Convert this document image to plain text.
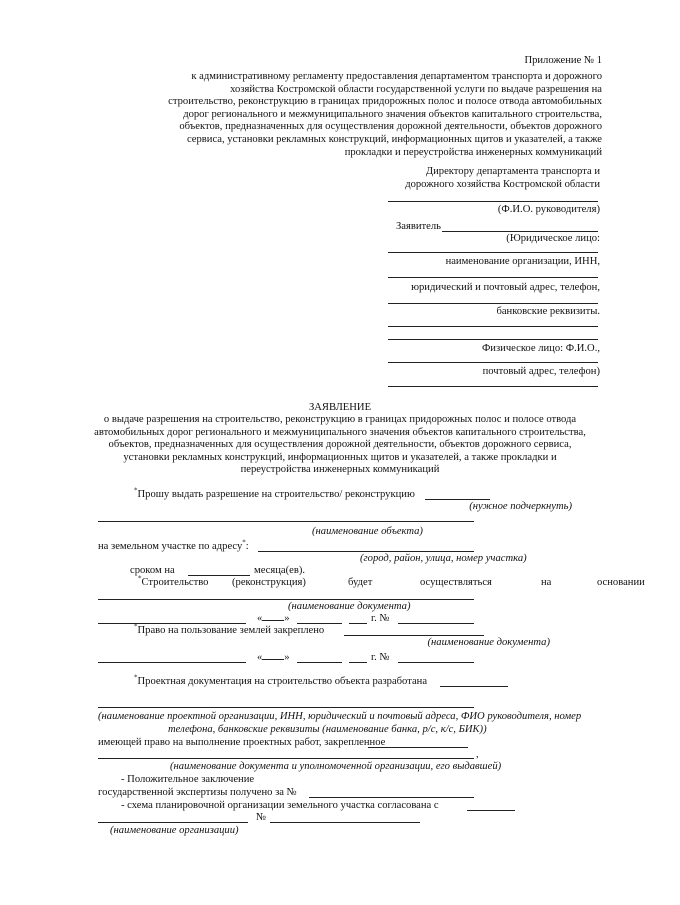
Приложение № 1
к административному регламенту предоставления департаментом транспорта и дорожного
хозяйства Костромской области государственной услуги по выдаче разрешения на
строительство, реконструкцию в границах придорожных полос и полосе отвода автомобильных
дорог регионального и межмуниципального значения объектов капитального строительства,
объектов, предназначенных для осуществления дорожной деятельности, объектов дорожного
сервиса, установки рекламных конструкций, информационных щитов и указателей, а также
прокладки и переустройства инженерных коммуникаций
Директору департамента транспорта и
дорожного хозяйства Костромской области
(Ф.И.О. руководителя)
Заявитель
(Юридическое лицо:
наименование организации, ИНН,
юридический и почтовый адрес, телефон,
банковские реквизиты.
Физическое лицо: Ф.И.О.,
почтовый адрес, телефон)
ЗАЯВЛЕНИЕ
о выдаче разрешения на строительство, реконструкцию в границах придорожных полос и полосе отвода
автомобильных дорог регионального и межмуниципального значения объектов капитального строительства,
объектов, предназначенных для осуществления дорожной деятельности, объектов дорожного сервиса,
установки рекламных конструкций, информационных щитов и указателей, а также прокладки и
переустройства инженерных коммуникаций
*Прошу выдать разрешение на строительство/ реконструкцию
(нужное подчеркнуть)
(наименование объекта)
на земельном участке по адресу*:
(город, район, улица, номер участка)
сроком на	месяца(ев).
*Строительство (реконструкция)	будет	осуществляться	на	основании
(наименование документа)
« »	г. №
*Право на пользование землей закреплено
(наименование документа)
« »	г. №
*Проектная документация на строительство объекта разработана
(наименование проектной организации, ИНН, юридический и почтовый адреса, ФИО руководителя, номер
телефона, банковские реквизиты (наименование банка, р/с, к/с, БИК))
имеющей право на выполнение проектных работ, закрепленное
,
(наименование документа и уполномоченной организации, его выдавшей)
- Положительное заключение
государственной экспертизы получено за №
- схема планировочной организации земельного участка согласована с
№
(наименование организации)
